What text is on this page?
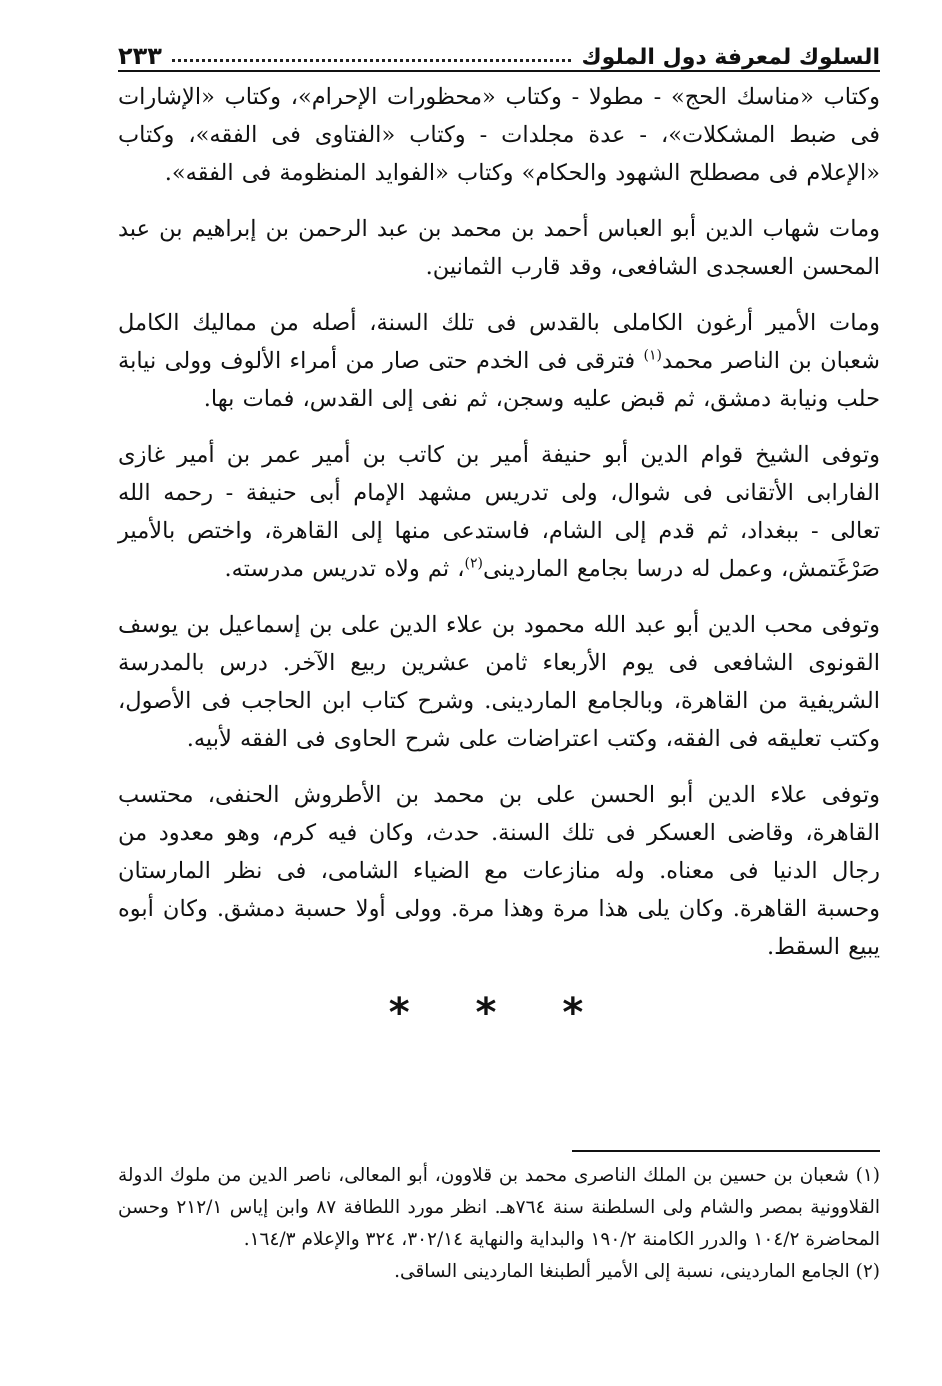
السلوك لمعرفة دول الملوك
٢٣٣

وكتاب «مناسك الحج» - مطولا - وكتاب «محظورات الإحرام»، وكتاب «الإشارات فى ضبط المشكلات»، - عدة مجلدات - وكتاب «الفتاوى فى الفقه»، وكتاب «الإعلام فى مصطلح الشهود والحكام» وكتاب «الفوايد المنظومة فى الفقه».

ومات شهاب الدين أبو العباس أحمد بن محمد بن عبد الرحمن بن إبراهيم بن عبد المحسن العسجدى الشافعى، وقد قارب الثمانين.

ومات الأمير أرغون الكاملى بالقدس فى تلك السنة، أصله من مماليك الكامل شعبان بن الناصر محمد$^{(١)}$ فترقى فى الخدم حتى صار من أمراء الألوف وولى نيابة حلب ونيابة دمشق، ثم قبض عليه وسجن، ثم نفى إلى القدس، فمات بها.

وتوفى الشيخ قوام الدين أبو حنيفة أمير بن كاتب بن أمير عمر بن أمير غازى الفارابى الأتقانى فى شوال، ولى تدريس مشهد الإمام أبى حنيفة - رحمه الله تعالى - ببغداد، ثم قدم إلى الشام، فاستدعى منها إلى القاهرة، واختص بالأمير صَرْغَتمش، وعمل له درسا بجامع الماردينى$^{(٢)}$، ثم ولاه تدريس مدرسته.

وتوفى محب الدين أبو عبد الله محمود بن علاء الدين على بن إسماعيل بن يوسف القونوى الشافعى فى يوم الأربعاء ثامن عشرين ربيع الآخر. درس بالمدرسة الشريفية من القاهرة، وبالجامع الماردينى. وشرح كتاب ابن الحاجب فى الأصول، وكتب تعليقه فى الفقه، وكتب اعتراضات على شرح الحاوى فى الفقه لأبيه.

وتوفى علاء الدين أبو الحسن على بن محمد بن الأطروش الحنفى، محتسب القاهرة، وقاضى العسكر فى تلك السنة. حدث، وكان فيه كرم، وهو معدود من رجال الدنيا فى معناه. وله منازعات مع الضياء الشامى، فى نظر المارستان وحسبة القاهرة. وكان يلى هذا مرة وهذا مرة. وولى أولا حسبة دمشق. وكان أبوه يبيع السقط.

* * *

(١) شعبان بن حسين بن الملك الناصرى محمد بن قلاوون، أبو المعالى، ناصر الدين من ملوك الدولة القلاوونية بمصر والشام ولى السلطنة سنة ٧٦٤هـ. انظر مورد اللطافة ٨٧ وابن إياس ٢١٢/١ وحسن المحاضرة ١٠٤/٢ والدرر الكامنة ١٩٠/٢ والبداية والنهاية ٣٠٢/١٤، ٣٢٤ والإعلام ١٦٤/٣.

(٢) الجامع الماردينى، نسبة إلى الأمير ألطبنغا الماردينى الساقى.
